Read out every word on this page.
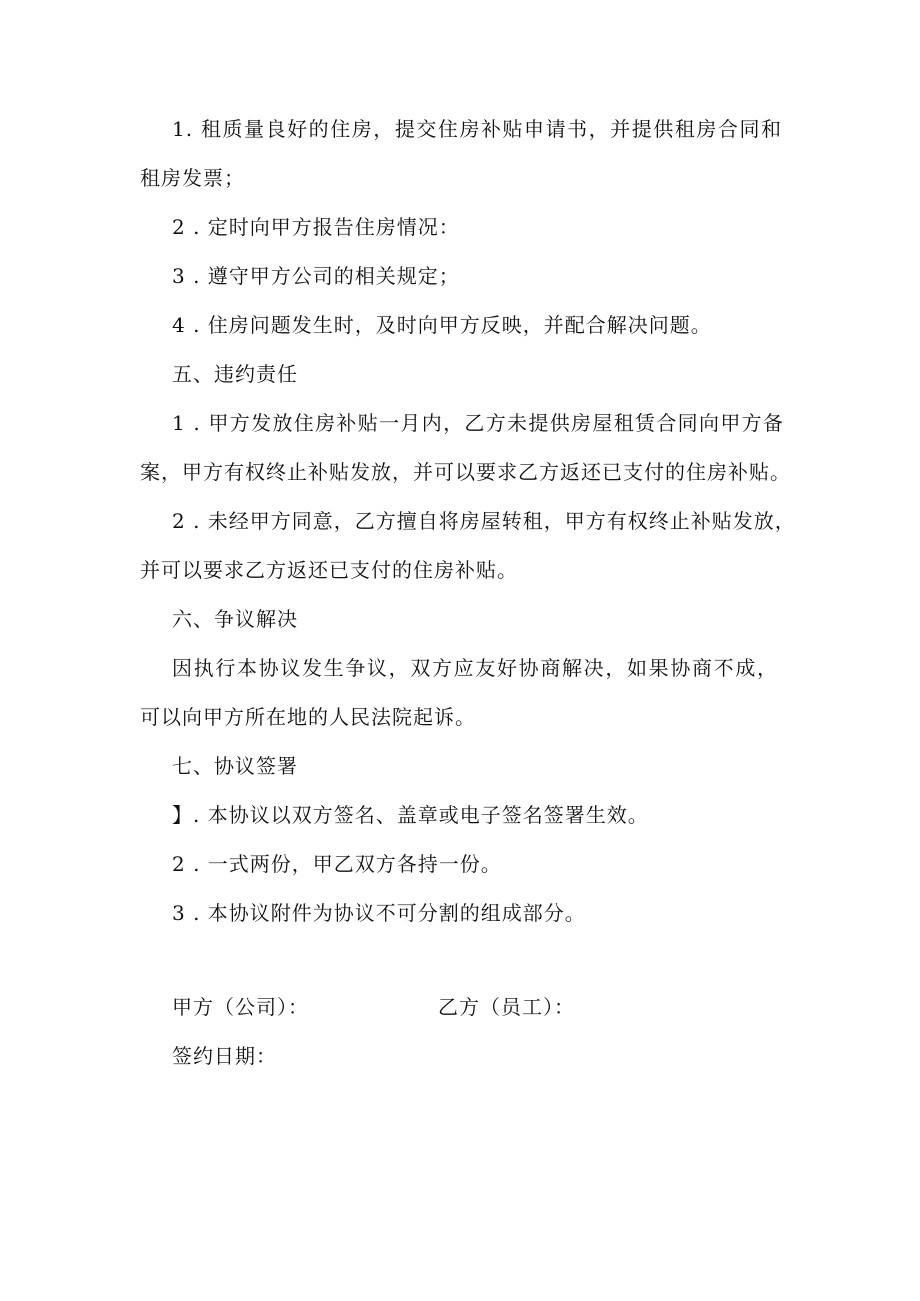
1. 租质量良好的住房，提交住房补贴申请书，并提供租房合同和
租房发票；
2 . 定时向甲方报告住房情况：
3 . 遵守甲方公司的相关规定；
4 . 住房问题发生时，及时向甲方反映，并配合解决问题。
五、违约责任
1 . 甲方发放住房补贴一月内，乙方未提供房屋租赁合同向甲方备
案，甲方有权终止补贴发放，并可以要求乙方返还已支付的住房补贴。
2 . 未经甲方同意，乙方擅自将房屋转租，甲方有权终止补贴发放，
并可以要求乙方返还已支付的住房补贴。
六、争议解决
因执行本协议发生争议，双方应友好协商解决，如果协商不成，
可以向甲方所在地的人民法院起诉。
七、协议签署
】. 本协议以双方签名、盖章或电子签名签署生效。
2 . 一式两份，甲乙双方各持一份。
3 . 本协议附件为协议不可分割的组成部分。
甲方（公司）：	乙方（员工）：
签约日期：
